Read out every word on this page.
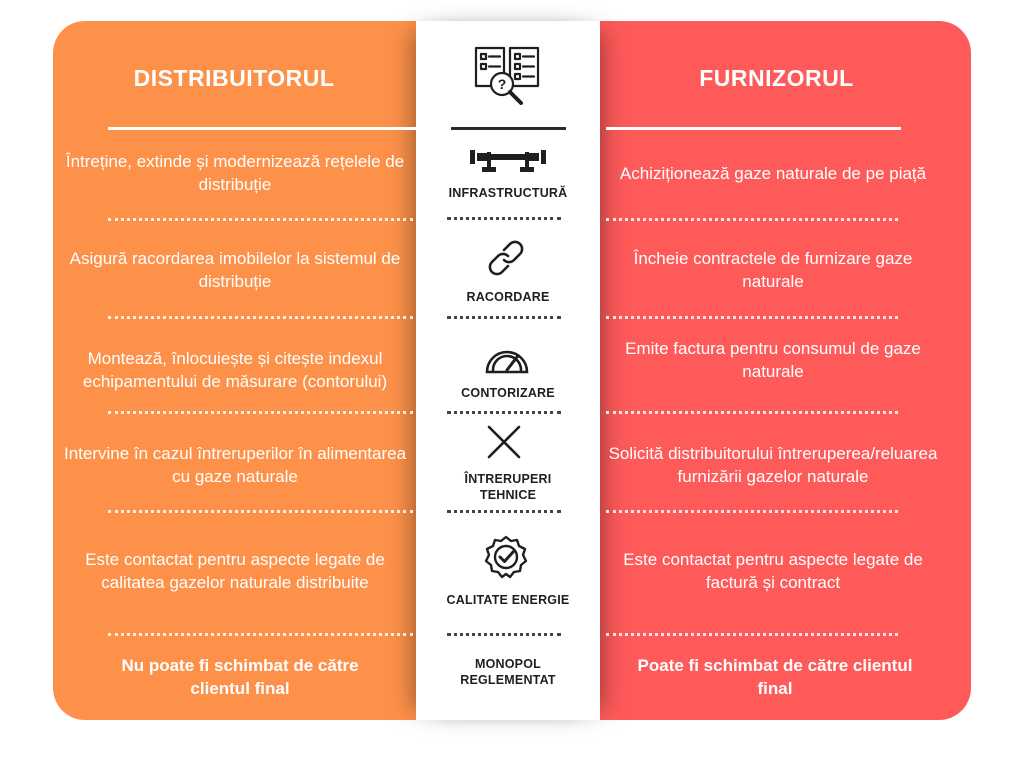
DISTRIBUITORUL	FURNIZORUL
?
Întreține, extinde și modernizează rețelele de distribuție
Achiziționează gaze naturale de pe piață
INFRASTRUCTURĂ
Asigură racordarea imobilelor la sistemul de distribuție
Încheie contractele de furnizare gaze naturale
RACORDARE
Montează, înlocuiește și citește indexul echipamentului de măsurare (contorului)
Emite factura pentru consumul de gaze naturale
CONTORIZARE
Intervine în cazul întreruperilor în alimentarea cu gaze naturale
Solicită distribuitorului întreruperea/reluarea furnizării gazelor naturale
ÎNTRERUPERI
TEHNICE
Este contactat pentru aspecte legate de calitatea gazelor naturale distribuite
Este contactat pentru aspecte legate de factură și contract
CALITATE ENERGIE
Nu poate fi schimbat de către clientul final
Poate fi schimbat de către clientul final
MONOPOL
REGLEMENTAT
